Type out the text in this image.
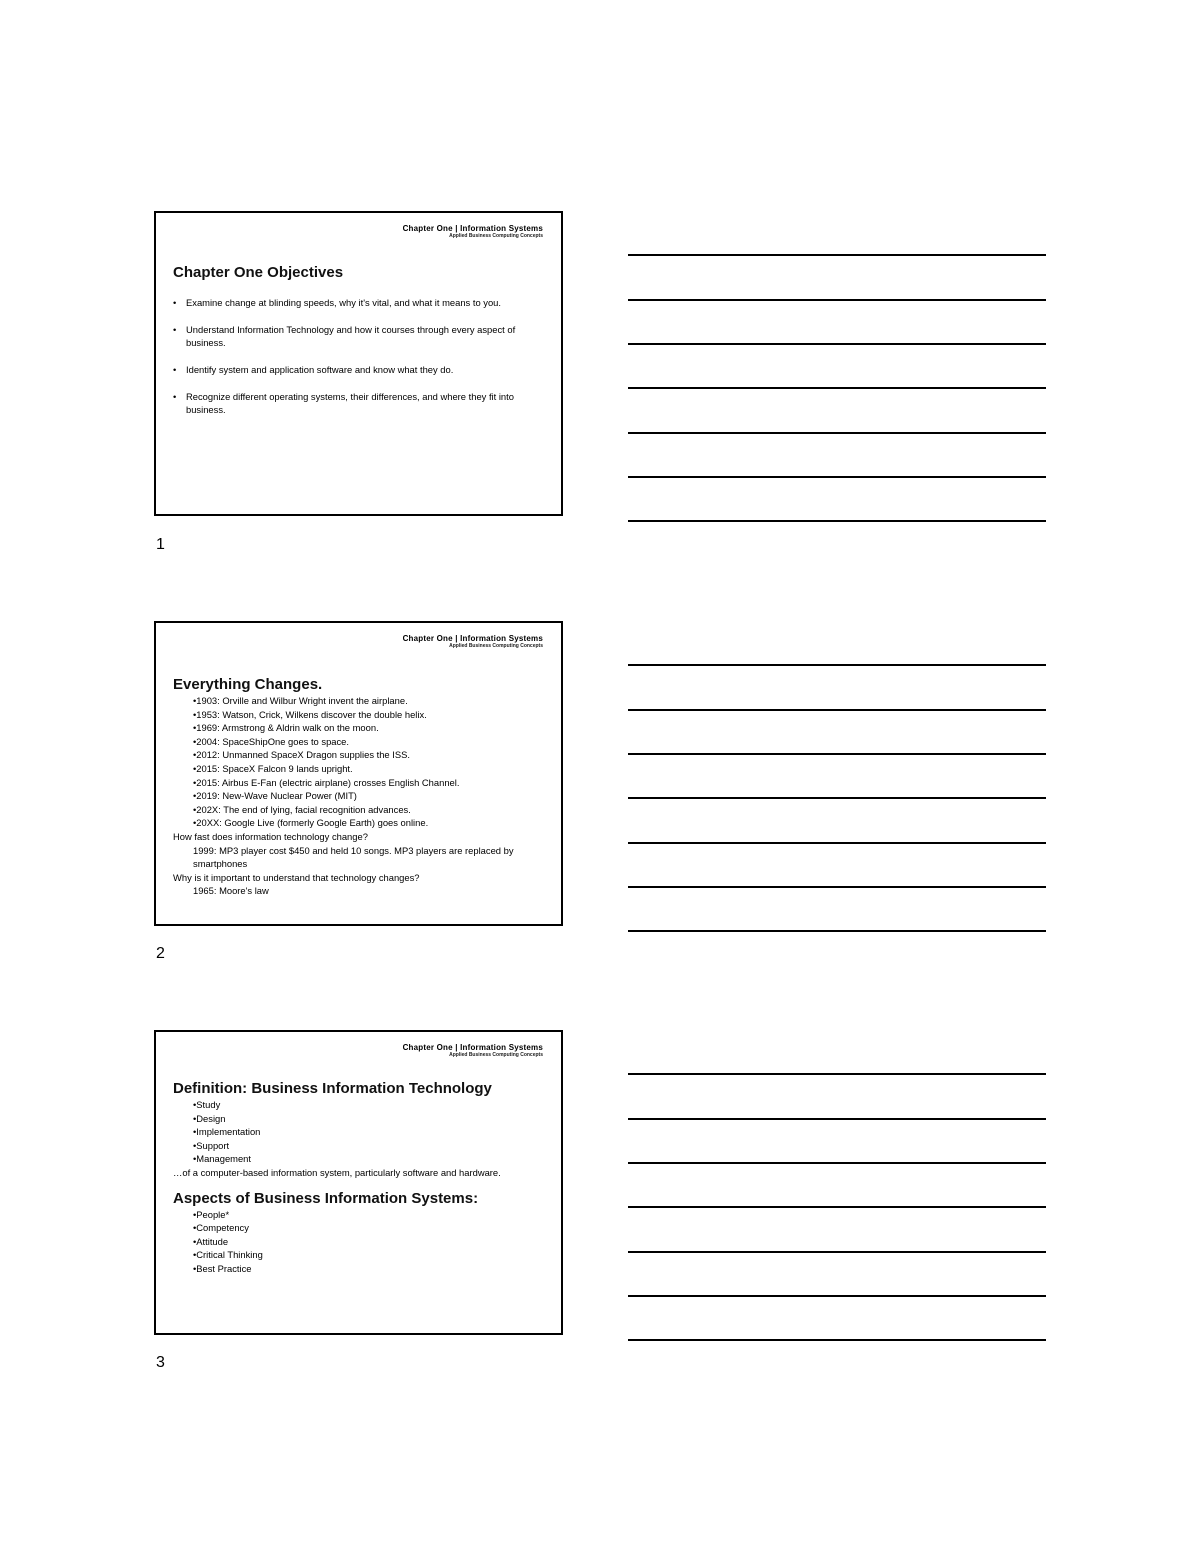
Chapter One | Information Systems
Applied Business Computing Concepts
Chapter One Objectives
• Examine change at blinding speeds, why it's vital, and what it means to you.
• Understand Information Technology and how it courses through every aspect of business.
• Identify system and application software and know what they do.
• Recognize different operating systems, their differences, and where they fit into business.
1
Chapter One | Information Systems
Applied Business Computing Concepts
Everything Changes.
•1903: Orville and Wilbur Wright invent the airplane.
•1953: Watson, Crick, Wilkens discover the double helix.
•1969: Armstrong & Aldrin walk on the moon.
•2004: SpaceShipOne goes to space.
•2012: Unmanned SpaceX Dragon supplies the ISS.
•2015: SpaceX Falcon 9 lands upright.
•2015: Airbus E-Fan (electric airplane) crosses English Channel.
•2019: New-Wave Nuclear Power (MIT)
•202X: The end of lying, facial recognition advances.
•20XX: Google Live (formerly Google Earth) goes online.
How fast does information technology change?
1999: MP3 player cost $450 and held 10 songs. MP3 players are replaced by smartphones
Why is it important to understand that technology changes?
1965: Moore's law
2
Chapter One | Information Systems
Applied Business Computing Concepts
Definition: Business Information Technology
•Study
•Design
•Implementation
•Support
•Management
…of a computer-based information system, particularly software and hardware.
Aspects of Business Information Systems:
•People*
•Competency
•Attitude
•Critical Thinking
•Best Practice
3
